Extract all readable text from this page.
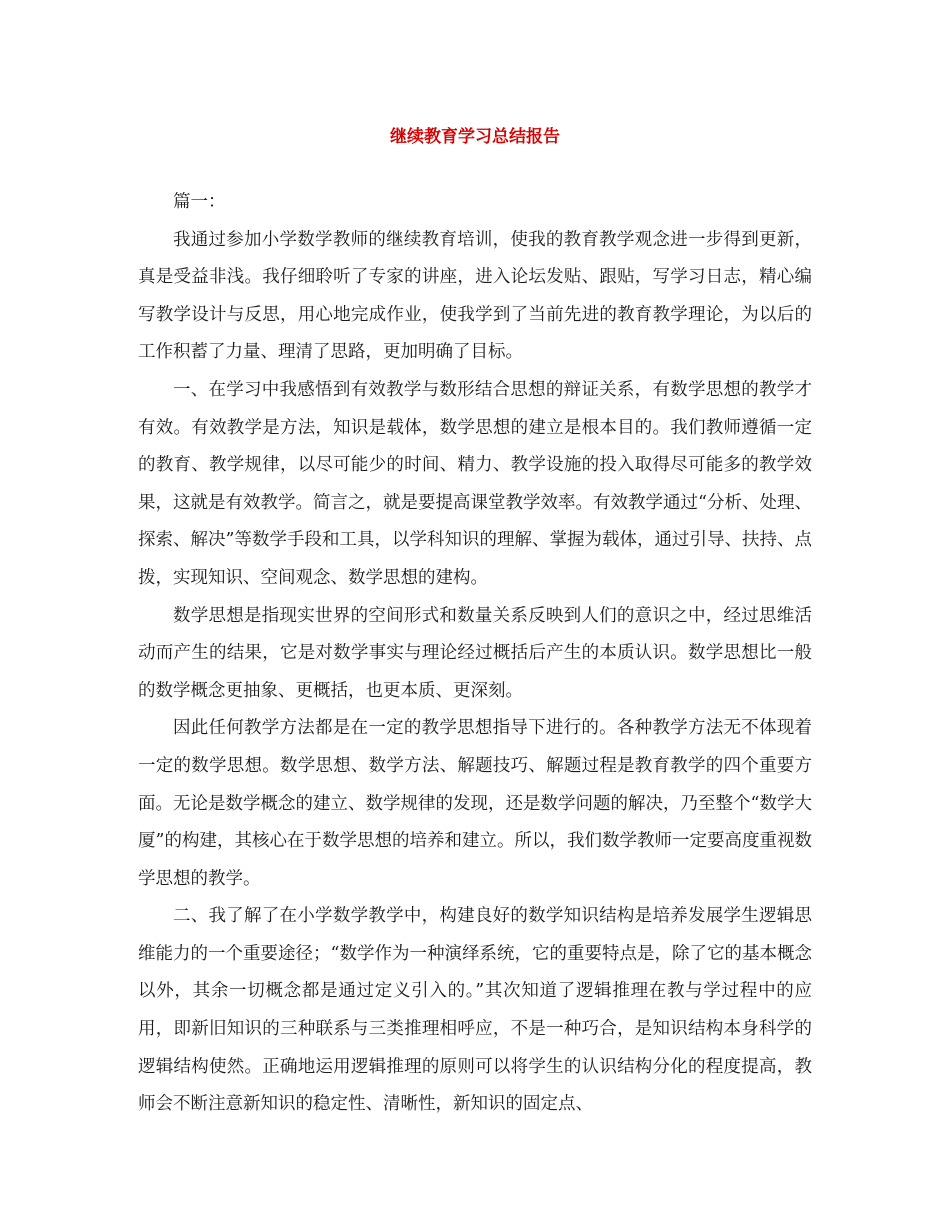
继续教育学习总结报告

篇一：

我通过参加小学数学教师的继续教育培训，使我的教育教学观念进一步得到更新，真是受益非浅。我仔细聆听了专家的讲座，进入论坛发贴、跟贴，写学习日志，精心编写教学设计与反思，用心地完成作业，使我学到了当前先进的教育教学理论，为以后的工作积蓄了力量、理清了思路，更加明确了目标。

一、在学习中我感悟到有效教学与数形结合思想的辩证关系，有数学思想的教学才有效。有效教学是方法，知识是载体，数学思想的建立是根本目的。我们教师遵循一定的教育、教学规律，以尽可能少的时间、精力、教学设施的投入取得尽可能多的教学效果，这就是有效教学。简言之，就是要提高课堂教学效率。有效教学通过“分析、处理、探索、解决”等数学手段和工具，以学科知识的理解、掌握为载体，通过引导、扶持、点拨，实现知识、空间观念、数学思想的建构。

数学思想是指现实世界的空间形式和数量关系反映到人们的意识之中，经过思维活动而产生的结果，它是对数学事实与理论经过概括后产生的本质认识。数学思想比一般的数学概念更抽象、更概括，也更本质、更深刻。

因此任何教学方法都是在一定的教学思想指导下进行的。各种教学方法无不体现着一定的数学思想。数学思想、数学方法、解题技巧、解题过程是教育教学的四个重要方面。无论是数学概念的建立、数学规律的发现，还是数学问题的解决，乃至整个“数学大厦”的构建，其核心在于数学思想的培养和建立。所以，我们数学教师一定要高度重视数学思想的教学。

二、我了解了在小学数学教学中，构建良好的数学知识结构是培养发展学生逻辑思维能力的一个重要途径；“数学作为一种演绎系统，它的重要特点是，除了它的基本概念以外，其余一切概念都是通过定义引入的。”其次知道了逻辑推理在教与学过程中的应用，即新旧知识的三种联系与三类推理相呼应，不是一种巧合，是知识结构本身科学的逻辑结构使然。正确地运用逻辑推理的原则可以将学生的认识结构分化的程度提高，教师会不断注意新知识的稳定性、清晰性，新知识的固定点、
